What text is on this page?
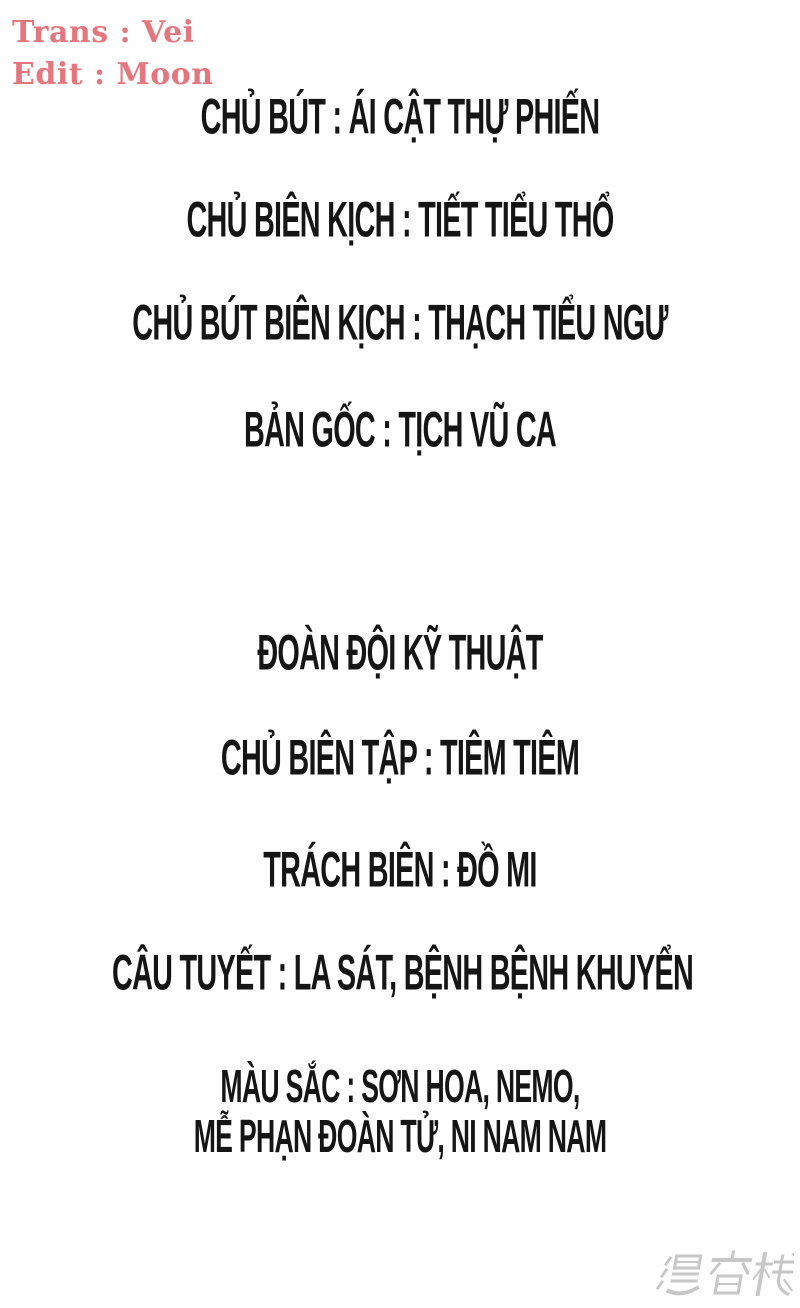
Trans : Vei
Edit : Moon
CHỦ BÚT : ÁI CẬT THỰ PHIẾN
CHỦ BIÊN KỊCH : TIẾT TIỂU THỔ
CHỦ BÚT BIÊN KỊCH : THẠCH TIỂU NGƯ
BẢN GỐC : TỊCH VŨ CA
ĐOÀN ĐỘI KỸ THUẬT
CHỦ BIÊN TẬP : TIÊM TIÊM
TRÁCH BIÊN : ĐỒ MI
CÂU TUYẾT : LA SÁT, BỆNH BỆNH KHUYỂN
MÀU SẮC : SƠN HOA, NEMO,
MỄ PHẠN ĐOÀN TỬ, NI NAM NAM
